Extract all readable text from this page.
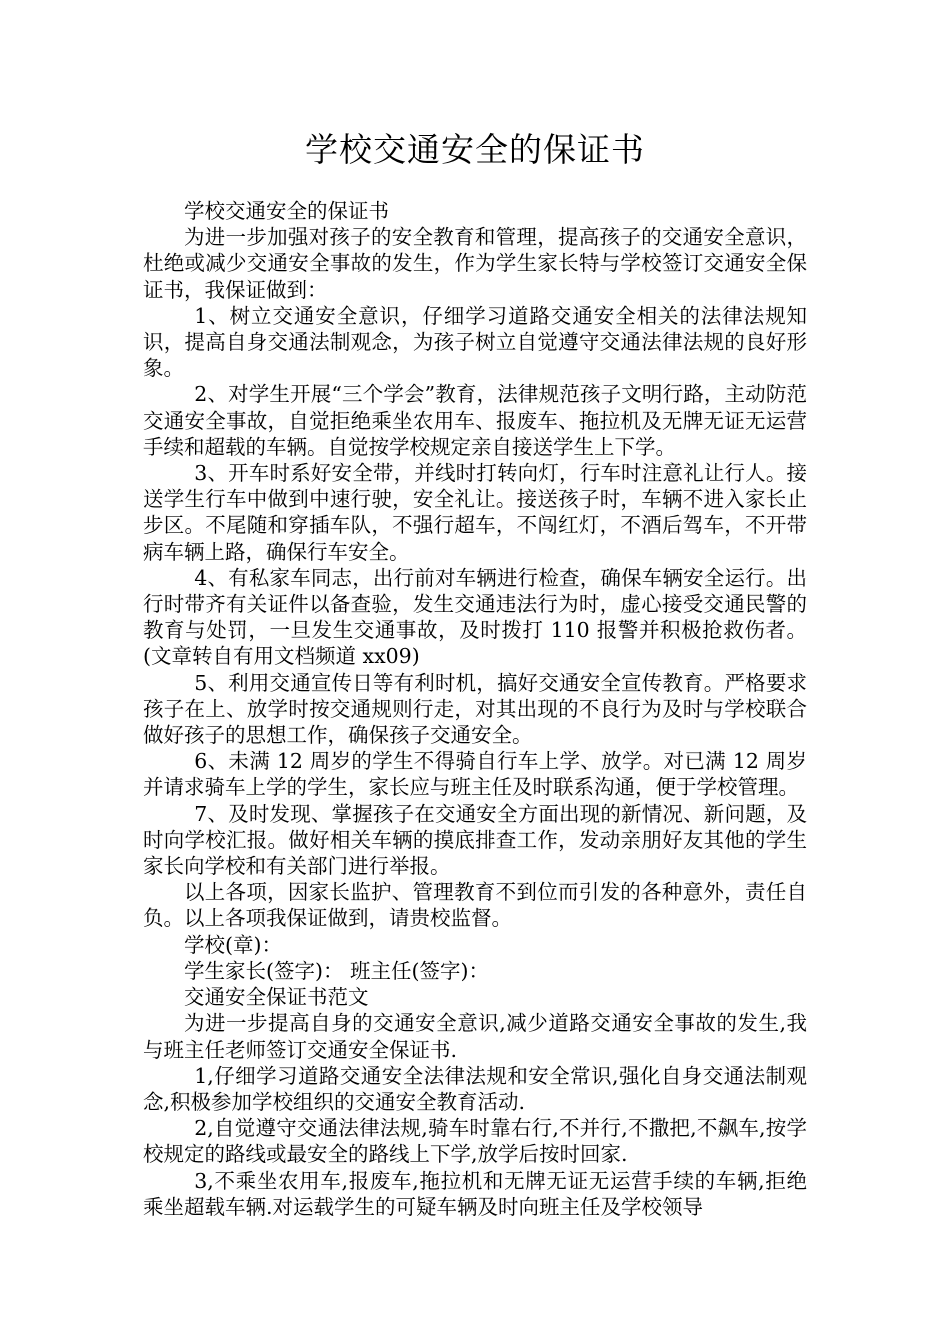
学校交通安全的保证书

学校交通安全的保证书

为进一步加强对孩子的安全教育和管理，提高孩子的交通安全意识，杜绝或减少交通安全事故的发生，作为学生家长特与学校签订交通安全保证书，我保证做到：

1、树立交通安全意识，仔细学习道路交通安全相关的法律法规知识，提高自身交通法制观念，为孩子树立自觉遵守交通法律法规的良好形象。

2、对学生开展“三个学会”教育，法律规范孩子文明行路，主动防范交通安全事故，自觉拒绝乘坐农用车、报废车、拖拉机及无牌无证无运营手续和超载的车辆。自觉按学校规定亲自接送学生上下学。

3、开车时系好安全带，并线时打转向灯，行车时注意礼让行人。接送学生行车中做到中速行驶，安全礼让。接送孩子时，车辆不进入家长止步区。不尾随和穿插车队，不强行超车，不闯红灯，不酒后驾车，不开带病车辆上路，确保行车安全。

4、有私家车同志，出行前对车辆进行检查，确保车辆安全运行。出行时带齐有关证件以备查验，发生交通违法行为时，虚心接受交通民警的教育与处罚，一旦发生交通事故，及时拨打 110 报警并积极抢救伤者。 (文章转自有用文档频道 xx09)

5、利用交通宣传日等有利时机，搞好交通安全宣传教育。严格要求孩子在上、放学时按交通规则行走，对其出现的不良行为及时与学校联合做好孩子的思想工作，确保孩子交通安全。

6、未满 12 周岁的学生不得骑自行车上学、放学。对已满 12 周岁并请求骑车上学的学生，家长应与班主任及时联系沟通，便于学校管理。

7、及时发现、掌握孩子在交通安全方面出现的新情况、新问题，及时向学校汇报。做好相关车辆的摸底排查工作，发动亲朋好友其他的学生家长向学校和有关部门进行举报。

以上各项，因家长监护、管理教育不到位而引发的各种意外，责任自负。以上各项我保证做到，请贵校监督。

学校(章)：

学生家长(签字)： 班主任(签字)：

交通安全保证书范文

为进一步提高自身的交通安全意识,减少道路交通安全事故的发生,我与班主任老师签订交通安全保证书.

1,仔细学习道路交通安全法律法规和安全常识,强化自身交通法制观念,积极参加学校组织的交通安全教育活动.

2,自觉遵守交通法律法规,骑车时靠右行,不并行,不撒把,不飙车,按学校规定的路线或最安全的路线上下学,放学后按时回家.

3,不乘坐农用车,报废车,拖拉机和无牌无证无运营手续的车辆,拒绝乘坐超载车辆.对运载学生的可疑车辆及时向班主任及学校领导
